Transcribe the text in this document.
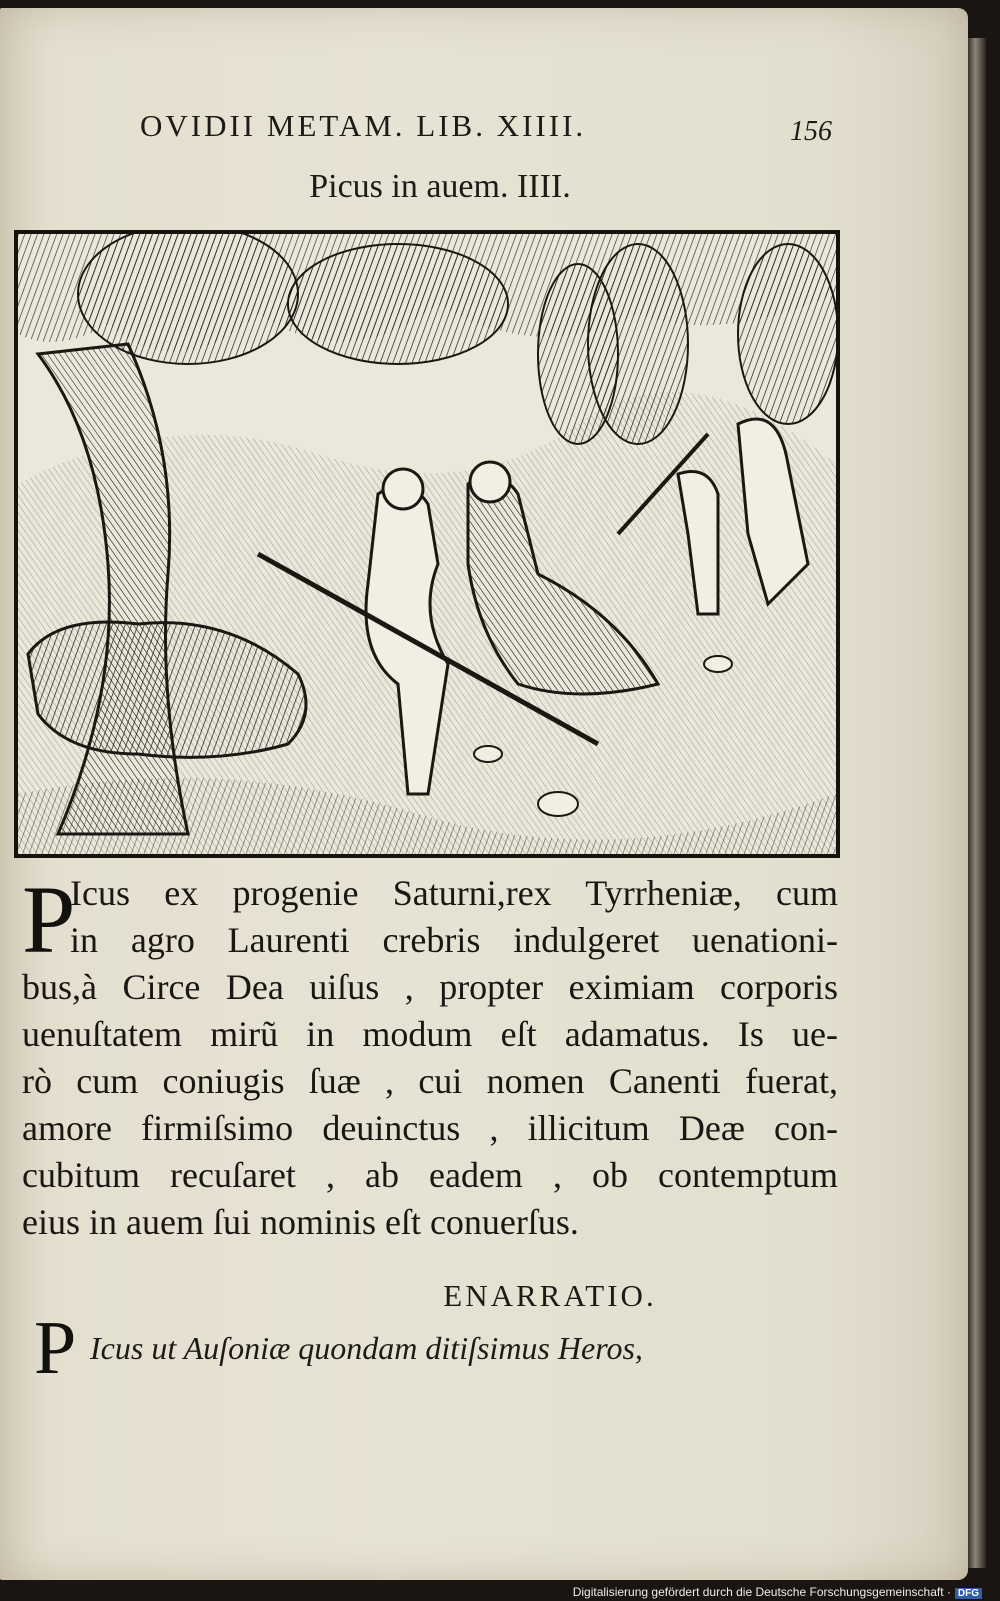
OVIDII METAM. LIB. XIIII.	156
Picus in auem. IIII.
P
Icus ex progenie Saturni,rex Tyrrheniæ, cum
in agro Laurenti crebris indulgeret uenationi-
bus,à Circe Dea uiſus , propter eximiam corporis
uenuſtatem mirũ in modum eſt adamatus. Is ue-
rò cum coniugis ſuæ , cui nomen Canenti fuerat,
amore firmiſsimo deuinctus , illicitum Deæ con-
cubitum recuſaret , ab eadem , ob contemptum
eius in auem ſui nominis eſt conuerſus.
ENARRATIO.
P Icus ut Auſoniæ quondam ditiſsimus Heros,
Digitalisierung gefördert durch die Deutsche Forschungsgemeinschaft · DFG
